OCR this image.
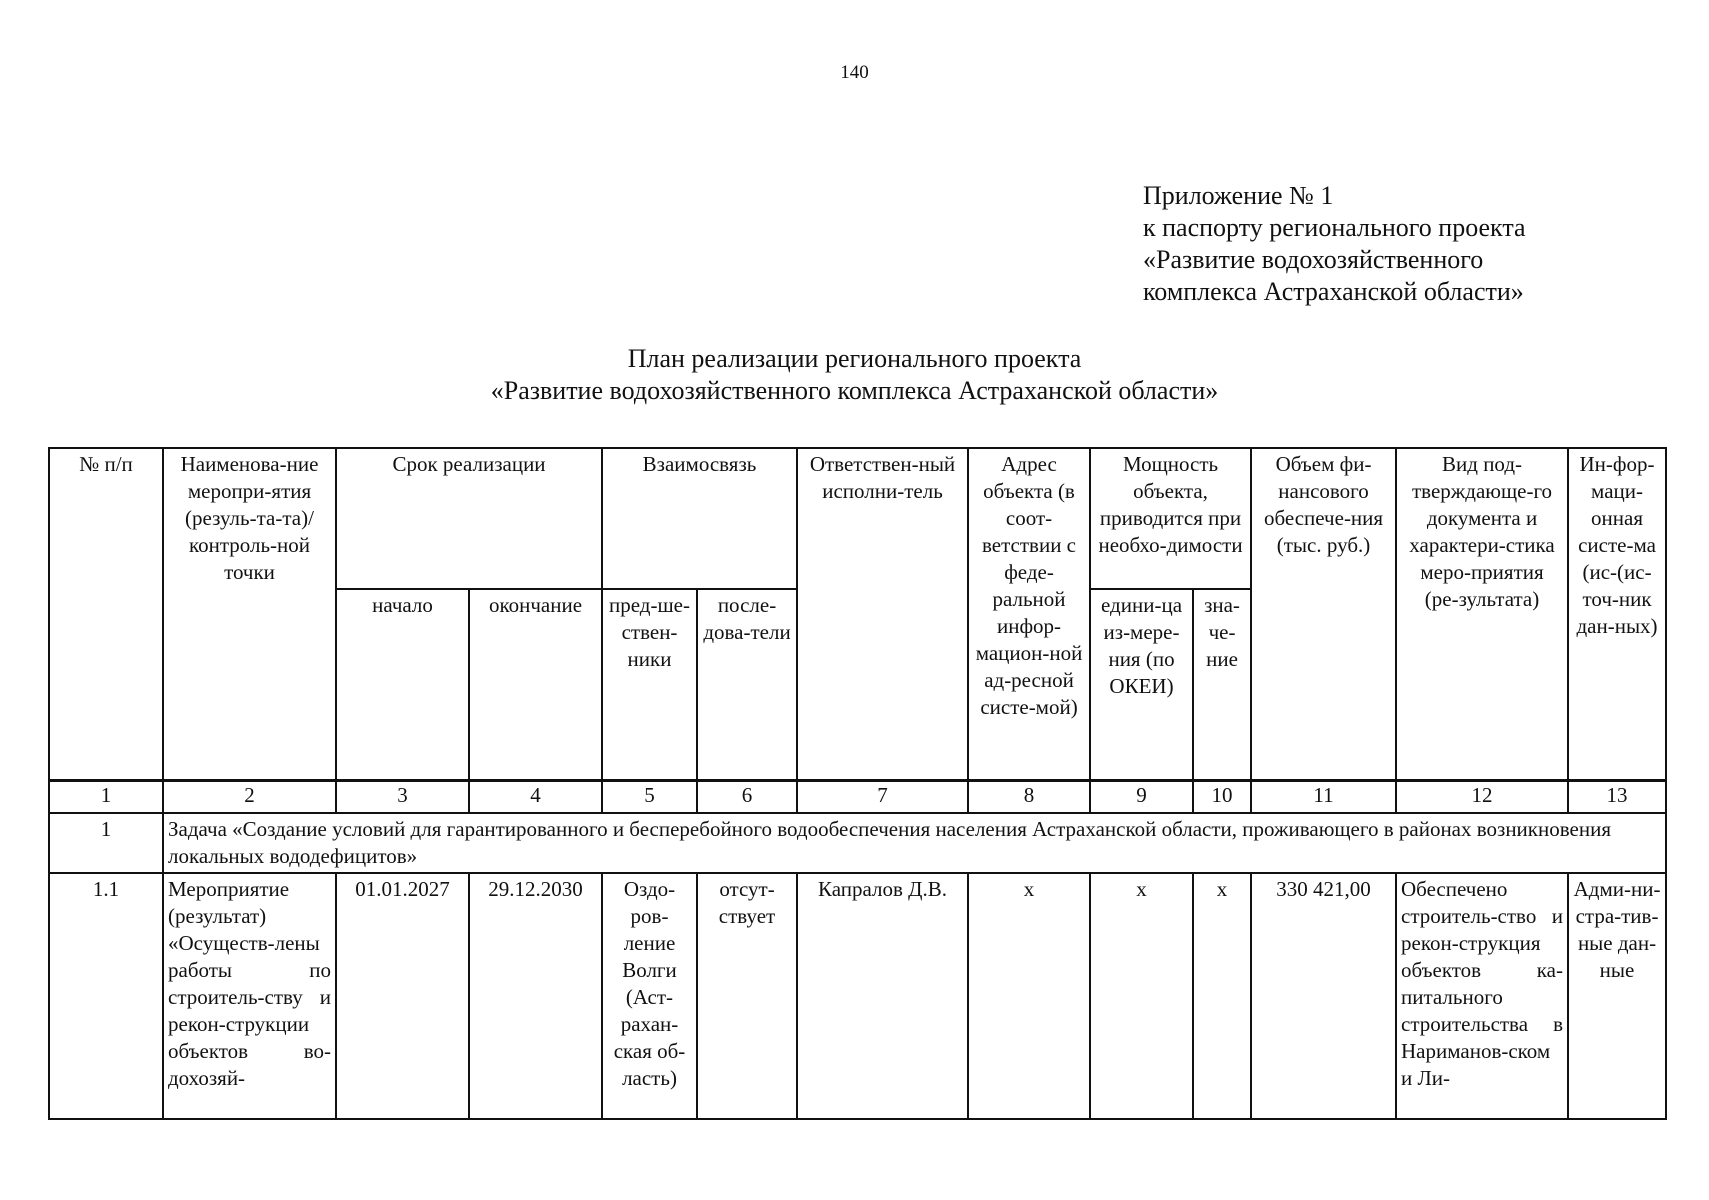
140
Приложение № 1
к паспорту регионального проекта
«Развитие водохозяйственного
комплекса Астраханской области»
План реализации регионального проекта
«Развитие водохозяйственного комплекса Астраханской области»
№ п/п	Наименова-ние меропри-ятия (резуль-та-та)/контроль-ной точки	Срок реализации		Взаимосвязь		Ответствен-ный исполни-тель	Адрес объекта (в соот-ветствии с феде-ральной инфор-мацион-ной ад-ресной систе-мой)	Мощность объекта, приводится при необхо-димости		Объем фи-нансового обеспече-ния (тыс. руб.)	Вид под-тверждающе-го документа и характери-стика меро-приятия (ре-зультата)	Ин-фор-маци-онная систе-ма (ис-(ис-точ-ник дан-ных)
		начало	окончание	пред-ше-ствен-ники	после-дова-тели			едини-ца из-мере-ния (по ОКЕИ)	зна-че-ние			
1	2	3	4	5	6	7	8	9	10	11	12	13
1	Задача «Создание условий для гарантированного и бесперебойного водообеспечения населения Астраханской области, проживающего в районах возникновения локальных вододефицитов»											
1.1	Мероприятие (результат) «Осуществ-лены работы по строитель-ству и рекон-струкции объектов во-дохозяй-	01.01.2027	29.12.2030	Оздо-ров-ление Волги (Аст-рахан-ская об-ласть)	отсут-ствует	Капралов Д.В.	х	х	х	330 421,00	Обеспечено строитель-ство и рекон-струкция объектов ка-питального строительства в Нариманов-ском и Ли-	Адми-ни-стра-тив-ные дан-ные
